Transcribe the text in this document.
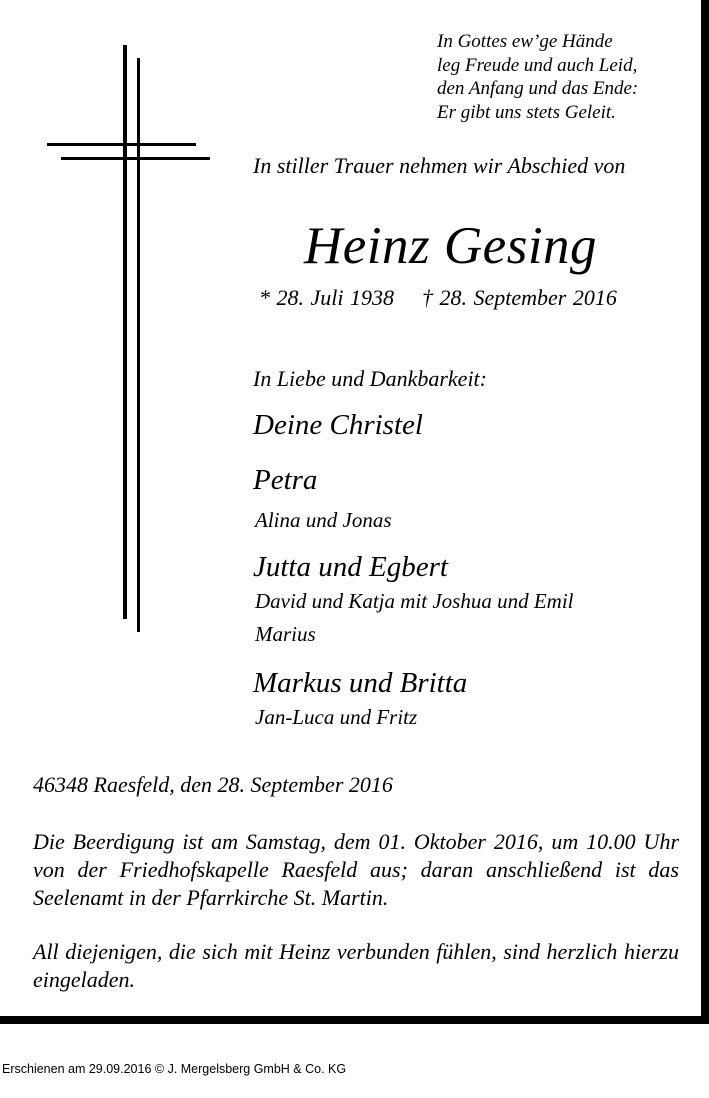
In Gottes ew’ge Hände
leg Freude und auch Leid,
den Anfang und das Ende:
Er gibt uns stets Geleit.
In stiller Trauer nehmen wir Abschied von
Heinz Gesing
* 28. Juli 1938 † 28. September 2016
In Liebe und Dankbarkeit:
Deine Christel
Petra
Alina und Jonas
Jutta und Egbert
David und Katja mit Joshua und Emil
Marius
Markus und Britta
Jan-Luca und Fritz
46348 Raesfeld, den 28. September 2016
Die Beerdigung ist am Samstag, dem 01. Oktober 2016, um 10.00 Uhr von der Friedhofskapelle Raesfeld aus; daran anschließend ist das Seelenamt in der Pfarrkirche St. Martin.
All diejenigen, die sich mit Heinz verbunden fühlen, sind herzlich hierzu eingeladen.
Erschienen am 29.09.2016 © J. Mergelsberg GmbH & Co. KG
